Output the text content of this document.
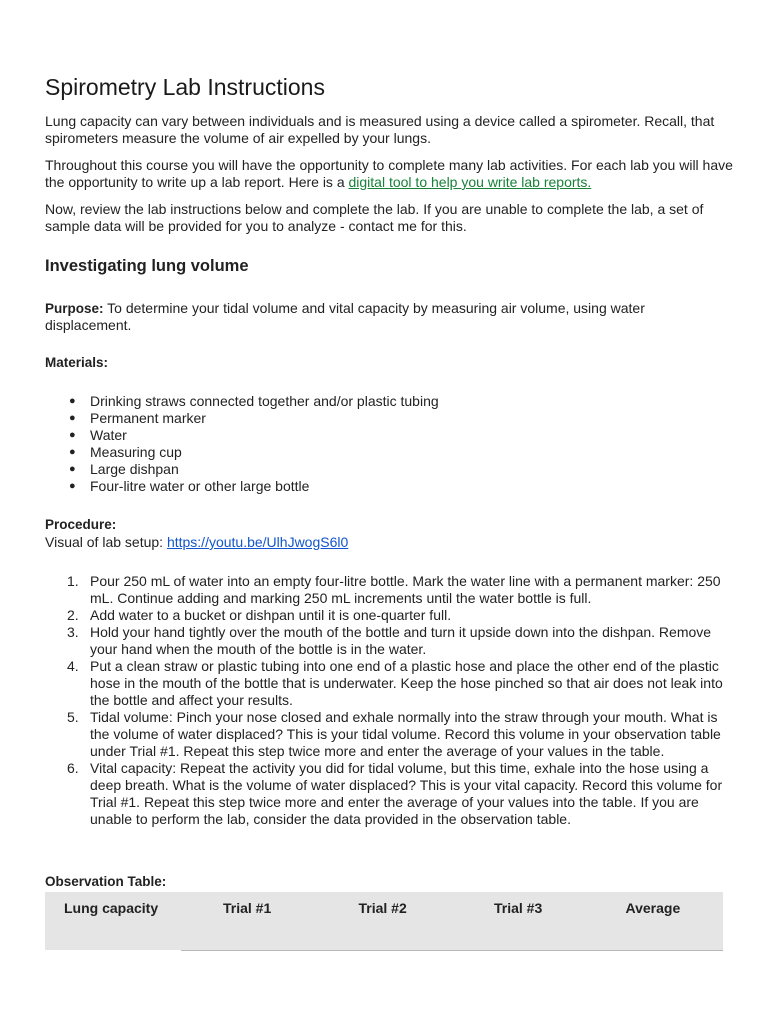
Spirometry Lab Instructions

Lung capacity can vary between individuals and is measured using a device called a spirometer. Recall, that spirometers measure the volume of air expelled by your lungs.

Throughout this course you will have the opportunity to complete many lab activities. For each lab you will have the opportunity to write up a lab report. Here is a digital tool to help you write lab reports.

Now, review the lab instructions below and complete the lab. If you are unable to complete the lab, a set of sample data will be provided for you to analyze - contact me for this.

Investigating lung volume

Purpose: To determine your tidal volume and vital capacity by measuring air volume, using water displacement.

Materials:
● Drinking straws connected together and/or plastic tubing
● Permanent marker
● Water
● Measuring cup
● Large dishpan
● Four-litre water or other large bottle
Procedure:

Visual of lab setup: https://youtu.be/UlhJwogS6l0

1. Pour 250 mL of water into an empty four-litre bottle. Mark the water line with a permanent marker: 250 mL. Continue adding and marking 250 mL increments until the water bottle is full.
2. Add water to a bucket or dishpan until it is one-quarter full.
3. Hold your hand tightly over the mouth of the bottle and turn it upside down into the dishpan. Remove your hand when the mouth of the bottle is in the water.
4. Put a clean straw or plastic tubing into one end of a plastic hose and place the other end of the plastic hose in the mouth of the bottle that is underwater. Keep the hose pinched so that air does not leak into the bottle and affect your results.
5. Tidal volume: Pinch your nose closed and exhale normally into the straw through your mouth. What is the volume of water displaced? This is your tidal volume. Record this volume in your observation table under Trial #1. Repeat this step twice more and enter the average of your values in the table.
6. Vital capacity: Repeat the activity you did for tidal volume, but this time, exhale into the hose using a deep breath. What is the volume of water displaced? This is your vital capacity. Record this volume for Trial #1. Repeat this step twice more and enter the average of your values into the table. If you are unable to perform the lab, consider the data provided in the observation table.
Observation Table:
Lung capacity	Trial #1	Trial #2	Trial #3	Average
